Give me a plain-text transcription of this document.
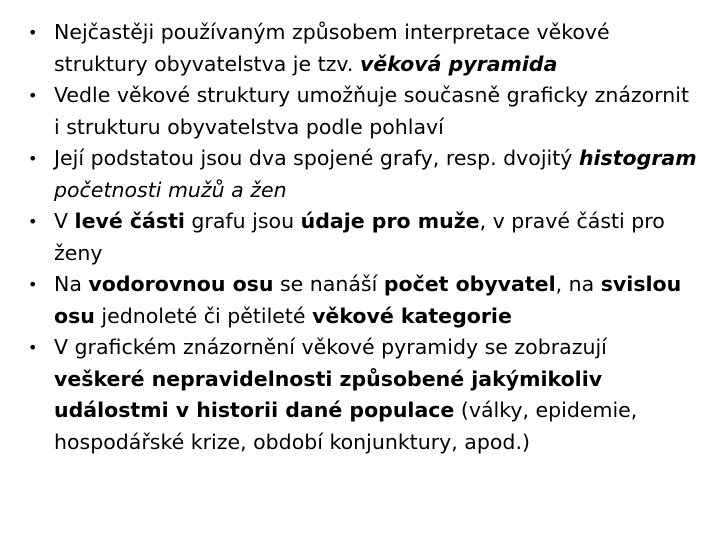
• Nejčastěji používaným způsobem interpretace věkové struktury obyvatelstva je tzv. věková pyramida
• Vedle věkové struktury umožňuje současně graficky znázornit i strukturu obyvatelstva podle pohlaví
• Její podstatou jsou dva spojené grafy, resp. dvojitý histogram početnosti mužů a žen
• V levé části grafu jsou údaje pro muže, v pravé části pro ženy
• Na vodorovnou osu se nanáší počet obyvatel, na svislou osu jednoleté či pětileté věkové kategorie
• V grafickém znázornění věkové pyramidy se zobrazují veškeré nepravidelnosti způsobené jakýmikoliv událostmi v historii dané populace (války, epidemie, hospodářské krize, období konjunktury, apod.)
